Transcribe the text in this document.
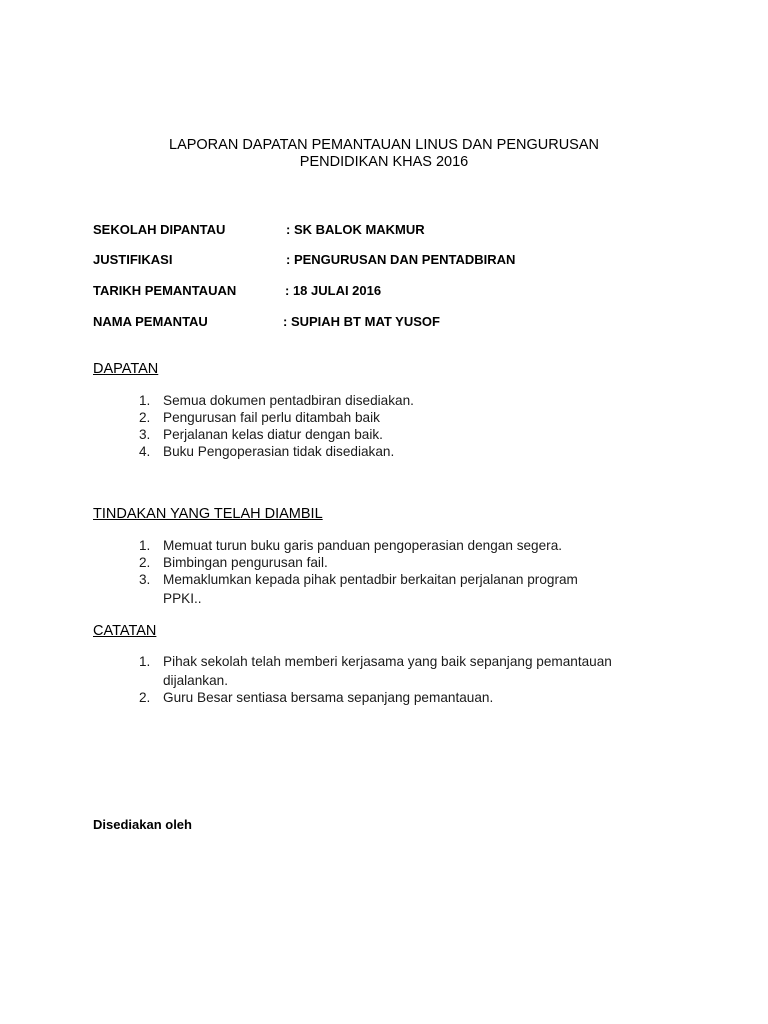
LAPORAN DAPATAN PEMANTAUAN LINUS DAN PENGURUSAN
PENDIDIKAN KHAS 2016
SEKOLAH DIPANTAU	: SK BALOK MAKMUR
JUSTIFIKASI	: PENGURUSAN DAN PENTADBIRAN
TARIKH PEMANTAUAN	: 18 JULAI 2016
NAMA PEMANTAU	: SUPIAH BT MAT YUSOF
DAPATAN
1. Semua dokumen pentadbiran disediakan.
2. Pengurusan fail perlu ditambah baik
3. Perjalanan kelas diatur dengan baik.
4. Buku Pengoperasian tidak disediakan.
TINDAKAN YANG TELAH DIAMBIL
1. Memuat turun buku garis panduan pengoperasian dengan segera.
2. Bimbingan pengurusan fail.
3. Memaklumkan kepada pihak pentadbir berkaitan perjalanan program
PPKI..
CATATAN
1. Pihak sekolah telah memberi kerjasama yang baik sepanjang pemantauan
dijalankan.
2. Guru Besar sentiasa bersama sepanjang pemantauan.
Disediakan oleh
